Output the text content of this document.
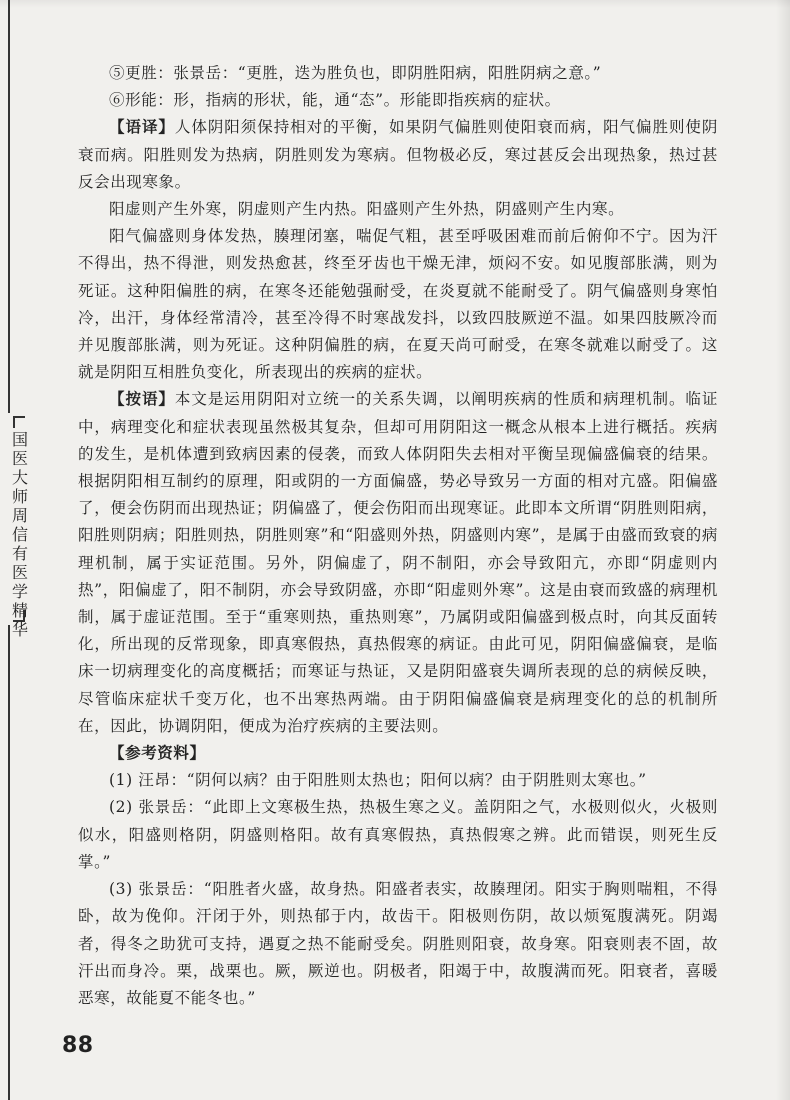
国
医
大
师
周
信
有
医
学
精
华

⑤更胜：张景岳：“更胜，迭为胜负也，即阴胜阳病，阳胜阴病之意。”

⑥形能：形，指病的形状，能，通“态”。形能即指疾病的症状。

【语译】人体阴阳须保持相对的平衡，如果阴气偏胜则使阳衰而病，阳气偏胜则使阴衰而病。阳胜则发为热病，阴胜则发为寒病。但物极必反，寒过甚反会出现热象，热过甚反会出现寒象。

阳虚则产生外寒，阴虚则产生内热。阳盛则产生外热，阴盛则产生内寒。

阳气偏盛则身体发热，腠理闭塞，喘促气粗，甚至呼吸困难而前后俯仰不宁。因为汗不得出，热不得泄，则发热愈甚，终至牙齿也干燥无津，烦闷不安。如见腹部胀满，则为死证。这种阳偏胜的病，在寒冬还能勉强耐受，在炎夏就不能耐受了。阴气偏盛则身寒怕冷，出汗，身体经常清冷，甚至冷得不时寒战发抖，以致四肢厥逆不温。如果四肢厥冷而并见腹部胀满，则为死证。这种阴偏胜的病，在夏天尚可耐受，在寒冬就难以耐受了。这就是阴阳互相胜负变化，所表现出的疾病的症状。

【按语】本文是运用阴阳对立统一的关系失调，以阐明疾病的性质和病理机制。临证中，病理变化和症状表现虽然极其复杂，但却可用阴阳这一概念从根本上进行概括。疾病的发生，是机体遭到致病因素的侵袭，而致人体阴阳失去相对平衡呈现偏盛偏衰的结果。根据阴阳相互制约的原理，阳或阴的一方面偏盛，势必导致另一方面的相对亢盛。阳偏盛了，便会伤阴而出现热证；阴偏盛了，便会伤阳而出现寒证。此即本文所谓“阴胜则阳病，阳胜则阴病；阳胜则热，阴胜则寒”和“阳盛则外热，阴盛则内寒”，是属于由盛而致衰的病理机制，属于实证范围。另外，阴偏虚了，阴不制阳，亦会导致阳亢，亦即“阴虚则内热”，阳偏虚了，阳不制阴，亦会导致阴盛，亦即“阳虚则外寒”。这是由衰而致盛的病理机制，属于虚证范围。至于“重寒则热，重热则寒”，乃属阴或阳偏盛到极点时，向其反面转化，所出现的反常现象，即真寒假热，真热假寒的病证。由此可见，阴阳偏盛偏衰，是临床一切病理变化的高度概括；而寒证与热证，又是阴阳盛衰失调所表现的总的病候反映，尽管临床症状千变万化，也不出寒热两端。由于阴阳偏盛偏衰是病理变化的总的机制所在，因此，协调阴阳，便成为治疗疾病的主要法则。

【参考资料】

(1) 汪昂：“阴何以病？由于阳胜则太热也；阳何以病？由于阴胜则太寒也。”

(2) 张景岳：“此即上文寒极生热，热极生寒之义。盖阴阳之气，水极则似火，火极则似水，阳盛则格阴，阴盛则格阳。故有真寒假热，真热假寒之辨。此而错误，则死生反掌。”

(3) 张景岳：“阳胜者火盛，故身热。阳盛者表实，故腠理闭。阳实于胸则喘粗，不得卧，故为俛仰。汗闭于外，则热郁于内，故齿干。阳极则伤阴，故以烦冤腹满死。阴竭者，得冬之助犹可支持，遇夏之热不能耐受矣。阴胜则阳衰，故身寒。阳衰则表不固，故汗出而身冷。栗，战栗也。厥，厥逆也。阴极者，阳竭于中，故腹满而死。阳衰者，喜暖恶寒，故能夏不能冬也。”

88
